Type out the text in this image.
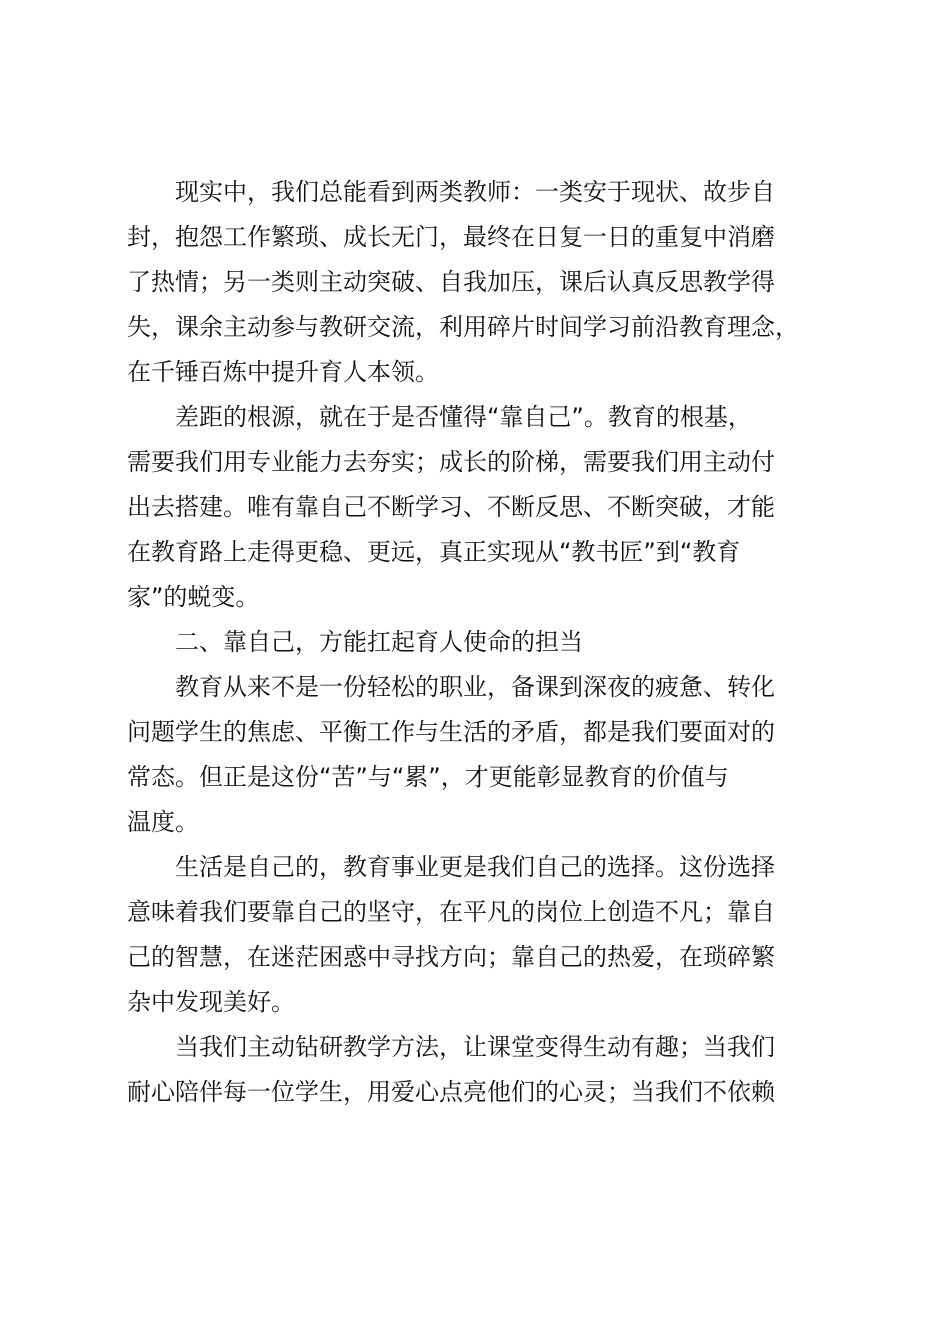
　　现实中，我们总能看到两类教师：一类安于现状、故步自
封，抱怨工作繁琐、成长无门，最终在日复一日的重复中消磨
了热情；另一类则主动突破、自我加压，课后认真反思教学得
失，课余主动参与教研交流，利用碎片时间学习前沿教育理念，
在千锤百炼中提升育人本领。
　　差距的根源，就在于是否懂得“靠自己”。教育的根基，
需要我们用专业能力去夯实；成长的阶梯，需要我们用主动付
出去搭建。唯有靠自己不断学习、不断反思、不断突破，才能
在教育路上走得更稳、更远，真正实现从“教书匠”到“教育
家”的蜕变。
　　二、靠自己，方能扛起育人使命的担当
　　教育从来不是一份轻松的职业，备课到深夜的疲惫、转化
问题学生的焦虑、平衡工作与生活的矛盾，都是我们要面对的
常态。但正是这份“苦”与“累”，才更能彰显教育的价值与
温度。
　　生活是自己的，教育事业更是我们自己的选择。这份选择
意味着我们要靠自己的坚守，在平凡的岗位上创造不凡；靠自
己的智慧，在迷茫困惑中寻找方向；靠自己的热爱，在琐碎繁
杂中发现美好。
　　当我们主动钻研教学方法，让课堂变得生动有趣；当我们
耐心陪伴每一位学生，用爱心点亮他们的心灵；当我们不依赖
